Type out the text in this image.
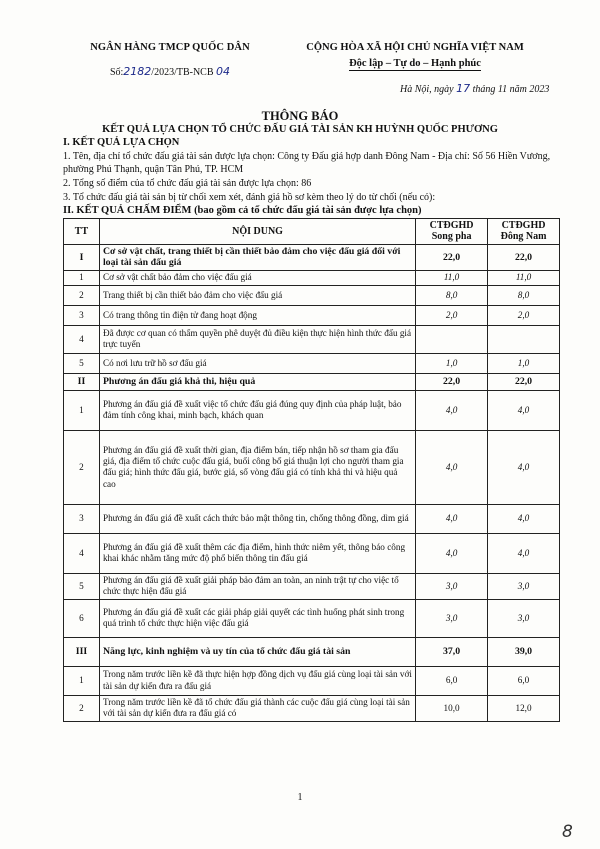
NGÂN HÀNG TMCP QUỐC DÂN
Số:2182/2023/TB-NCB 04
CỘNG HÒA XÃ HỘI CHỦ NGHĨA VIỆT NAM
Độc lập – Tự do – Hạnh phúc
Hà Nội, ngày 17 tháng 11 năm 2023
THÔNG BÁO
KẾT QUẢ LỰA CHỌN TỔ CHỨC ĐẤU GIÁ TÀI SẢN KH HUỲNH QUỐC PHƯƠNG
I. KẾT QUẢ LỰA CHỌN
1. Tên, địa chỉ tổ chức đấu giá tài sản được lựa chọn: Công ty Đấu giá hợp danh Đông Nam - Địa chỉ: Số 56 Hiền Vương, phường Phú Thạnh, quận Tân Phú, TP. HCM
2. Tổng số điểm của tổ chức đấu giá tài sản được lựa chọn: 86
3. Tổ chức đấu giá tài sản bị từ chối xem xét, đánh giá hồ sơ kèm theo lý do từ chối (nếu có):
II. KẾT QUẢ CHẤM ĐIỂM (bao gồm cả tổ chức đấu giá tài sản được lựa chọn)
TT	NỘI DUNG	CTĐGHD Song pha	CTĐGHD Đông Nam
I	Cơ sở vật chất, trang thiết bị cần thiết bảo đảm cho việc đấu giá đối với loại tài sản đấu giá	22,0	22,0
1	Cơ sở vật chất bảo đảm cho việc đấu giá	11,0	11,0
2	Trang thiết bị cần thiết bảo đảm cho việc đấu giá	8,0	8,0
3	Có trang thông tin điện tử đang hoạt động	2,0	2,0
4	Đã được cơ quan có thẩm quyền phê duyệt đủ điều kiện thực hiện hình thức đấu giá trực tuyến		
5	Có nơi lưu trữ hồ sơ đấu giá	1,0	1,0
II	Phương án đấu giá khả thi, hiệu quả	22,0	22,0
1	Phương án đấu giá đề xuất việc tổ chức đấu giá đúng quy định của pháp luật, bảo đảm tính công khai, minh bạch, khách quan	4,0	4,0
2	Phương án đấu giá đề xuất thời gian, địa điểm bán, tiếp nhận hồ sơ tham gia đấu giá, địa điểm tổ chức cuộc đấu giá, buổi công bố giá thuận lợi cho người tham gia đấu giá; hình thức đấu giá, bước giá, số vòng đấu giá có tính khả thi và hiệu quả cao	4,0	4,0
3	Phương án đấu giá đề xuất cách thức bảo mật thông tin, chống thông đồng, dìm giá	4,0	4,0
4	Phương án đấu giá đề xuất thêm các địa điểm, hình thức niêm yết, thông báo công khai khác nhằm tăng mức độ phổ biến thông tin đấu giá	4,0	4,0
5	Phương án đấu giá đề xuất giải pháp bảo đảm an toàn, an ninh trật tự cho việc tổ chức thực hiện đấu giá	3,0	3,0
6	Phương án đấu giá đề xuất các giải pháp giải quyết các tình huống phát sinh trong quá trình tổ chức thực hiện việc đấu giá	3,0	3,0
III	Năng lực, kinh nghiệm và uy tín của tổ chức đấu giá tài sản	37,0	39,0
1	Trong năm trước liền kề đã thực hiện hợp đồng dịch vụ đấu giá cùng loại tài sản với tài sản dự kiến đưa ra đấu giá	6,0	6,0
2	Trong năm trước liền kề đã tổ chức đấu giá thành các cuộc đấu giá cùng loại tài sản với tài sản dự kiến đưa ra đấu giá có	10,0	12,0
1

8
